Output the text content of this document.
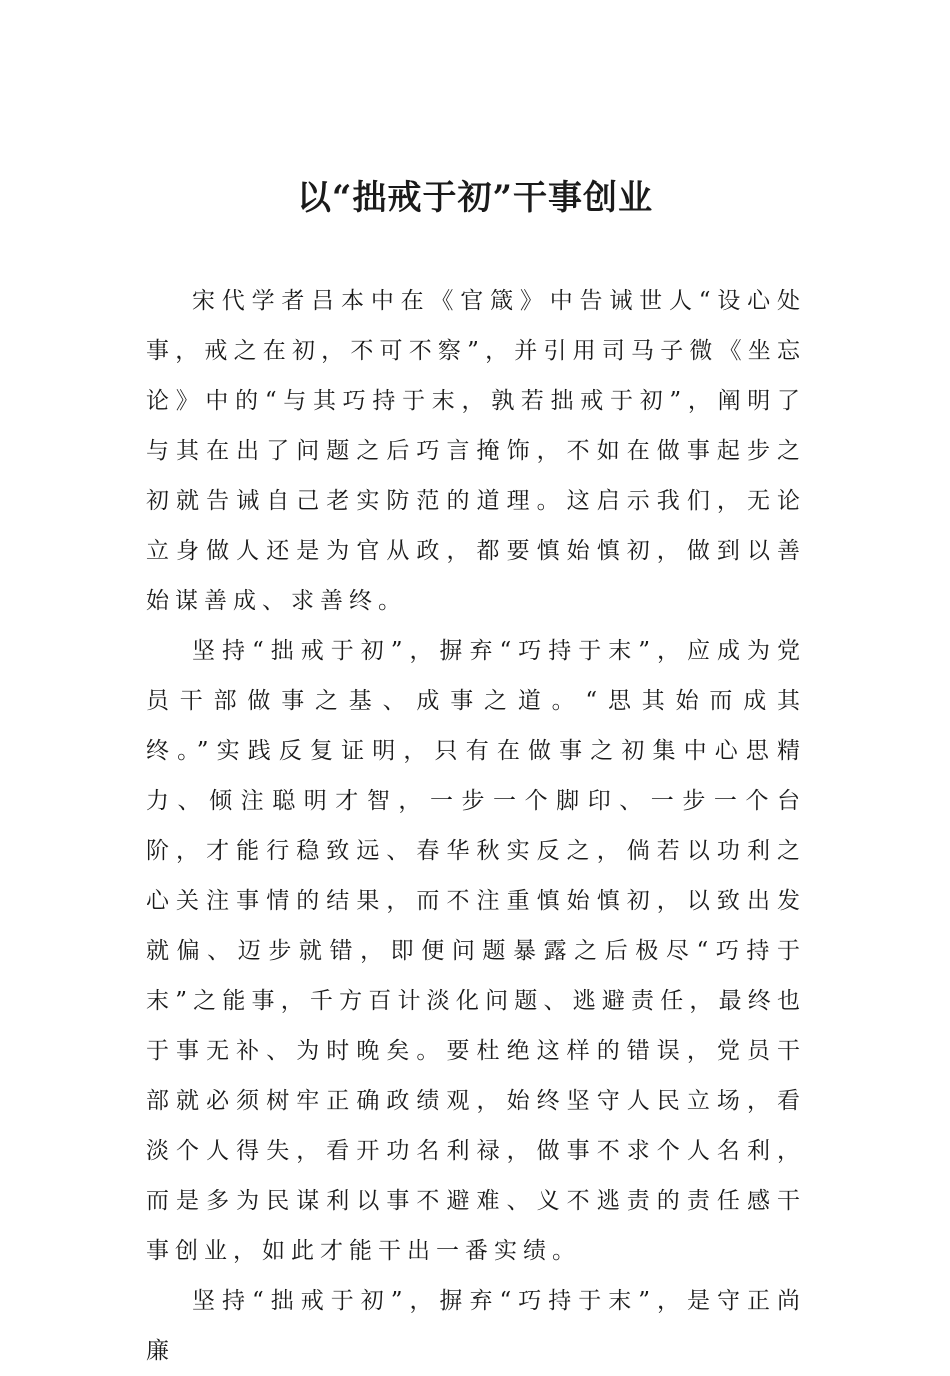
以“拙戒于初”干事创业

宋代学者吕本中在《官箴》中告诫世人“设心处事，戒之在初，不可不察”，并引用司马子微《坐忘论》中的“与其巧持于末，孰若拙戒于初”，阐明了与其在出了问题之后巧言掩饰，不如在做事起步之初就告诫自己老实防范的道理。这启示我们，无论立身做人还是为官从政，都要慎始慎初，做到以善始谋善成、求善终。

坚持“拙戒于初”，摒弃“巧持于末”，应成为党员干部做事之基、成事之道。“思其始而成其终。”实践反复证明，只有在做事之初集中心思精力、倾注聪明才智，一步一个脚印、一步一个台阶，才能行稳致远、春华秋实反之，倘若以功利之心关注事情的结果，而不注重慎始慎初，以致出发就偏、迈步就错，即便问题暴露之后极尽“巧持于末”之能事，千方百计淡化问题、逃避责任，最终也于事无补、为时晚矣。要杜绝这样的错误，党员干部就必须树牢正确政绩观，始终坚守人民立场，看淡个人得失，看开功名利禄，做事不求个人名利，而是多为民谋利以事不避难、义不逃责的责任感干事创业，如此才能干出一番实绩。

坚持“拙戒于初”，摒弃“巧持于末”，是守正尚廉
